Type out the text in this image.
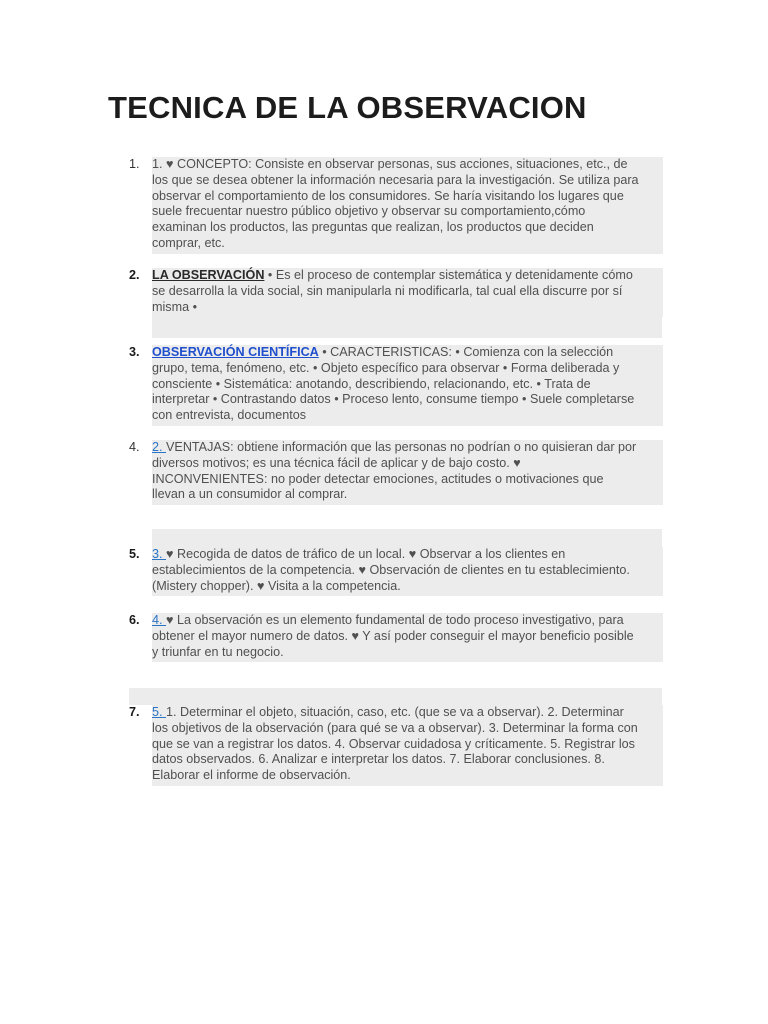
TECNICA DE LA OBSERVACION
1. 1. ♥ CONCEPTO: Consiste en observar personas, sus acciones, situaciones, etc., de
los que se desea obtener la información necesaria para la investigación. Se utiliza para
observar el comportamiento de los consumidores. Se haría visitando los lugares que
suele frecuentar nuestro público objetivo y observar su comportamiento,cómo
examinan los productos, las preguntas que realizan, los productos que deciden
comprar, etc.
2. LA OBSERVACIÓN • Es el proceso de contemplar sistemática y detenidamente cómo
se desarrolla la vida social, sin manipularla ni modificarla, tal cual ella discurre por sí
misma •
3. OBSERVACIÓN CIENTÍFICA • CARACTERISTICAS: • Comienza con la selección
grupo, tema, fenómeno, etc. • Objeto específico para observar • Forma deliberada y
consciente • Sistemática: anotando, describiendo, relacionando, etc. • Trata de
interpretar • Contrastando datos • Proceso lento, consume tiempo • Suele completarse
con entrevista, documentos
4. 2. VENTAJAS: obtiene información que las personas no podrían o no quisieran dar por
diversos motivos; es una técnica fácil de aplicar y de bajo costo. ♥
INCONVENIENTES: no poder detectar emociones, actitudes o motivaciones que
llevan a un consumidor al comprar.
5. 3. ♥ Recogida de datos de tráfico de un local. ♥ Observar a los clientes en
establecimientos de la competencia. ♥ Observación de clientes en tu establecimiento.
(Mistery chopper). ♥ Visita a la competencia.
6. 4. ♥ La observación es un elemento fundamental de todo proceso investigativo, para
obtener el mayor numero de datos. ♥ Y así poder conseguir el mayor beneficio posible
y triunfar en tu negocio.
7. 5. 1. Determinar el objeto, situación, caso, etc. (que se va a observar). 2. Determinar
los objetivos de la observación (para qué se va a observar). 3. Determinar la forma con
que se van a registrar los datos. 4. Observar cuidadosa y críticamente. 5. Registrar los
datos observados. 6. Analizar e interpretar los datos. 7. Elaborar conclusiones. 8.
Elaborar el informe de observación.
